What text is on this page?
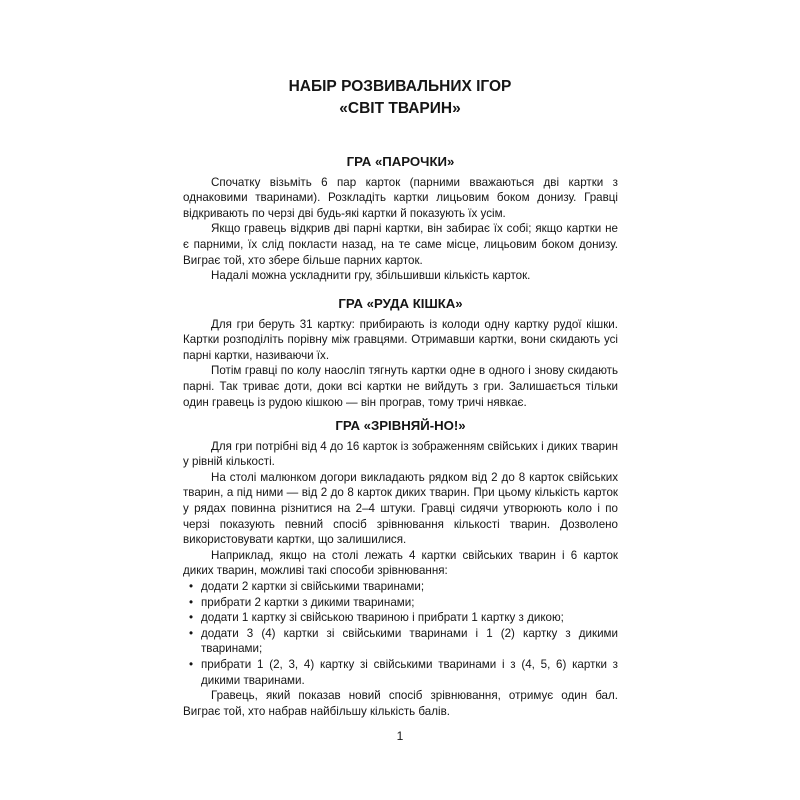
НАБІР РОЗВИВАЛЬНИХ ІГОР
«СВІТ ТВАРИН»
ГРА «ПАРОЧКИ»

Спочатку візьміть 6 пар карток (парними вважаються дві картки з однаковими тваринами). Розкладіть картки лицьовим боком донизу. Гравці відкривають по черзі дві будь-які картки й показують їх усім.

Якщо гравець відкрив дві парні картки, він забирає їх собі; якщо картки не є парними, їх слід покласти назад, на те саме місце, лицьовим боком донизу. Виграє той, хто збере більше парних карток.

Надалі можна ускладнити гру, збільшивши кількість карток.

ГРА «РУДА КІШКА»

Для гри беруть 31 картку: прибирають із колоди одну картку рудої кішки. Картки розподіліть порівну між гравцями. Отримавши картки, вони скидають усі парні картки, називаючи їх.

Потім гравці по колу наосліп тягнуть картки одне в одного і знову скидають парні. Так триває доти, доки всі картки не вийдуть з гри. Залишається тільки один гравець із рудою кішкою — він програв, тому тричі нявкає.

ГРА «ЗРІВНЯЙ-НО!»

Для гри потрібні від 4 до 16 карток із зображенням свійських і диких тварин у рівній кількості.

На столі малюнком догори викладають рядком від 2 до 8 карток свійських тварин, а під ними — від 2 до 8 карток диких тварин. При цьому кількість карток у рядах повинна різнитися на 2–4 штуки. Гравці сидячи утворюють коло і по черзі показують певний спосіб зрівнювання кількості тварин. Дозволено використовувати картки, що залишилися.

Наприклад, якщо на столі лежать 4 картки свійських тварин і 6 карток диких тварин, можливі такі способи зрівнювання:

• додати 2 картки зі свійськими тваринами;
• прибрати 2 картки з дикими тваринами;
• додати 1 картку зі свійською твариною і прибрати 1 картку з дикою;
• додати 3 (4) картки зі свійськими тваринами і 1 (2) картку з дикими тваринами;
• прибрати 1 (2, 3, 4) картку зі свійськими тваринами і з (4, 5, 6) картки з дикими тваринами.

Гравець, який показав новий спосіб зрівнювання, отримує один бал. Виграє той, хто набрав найбільшу кількість балів.

1
